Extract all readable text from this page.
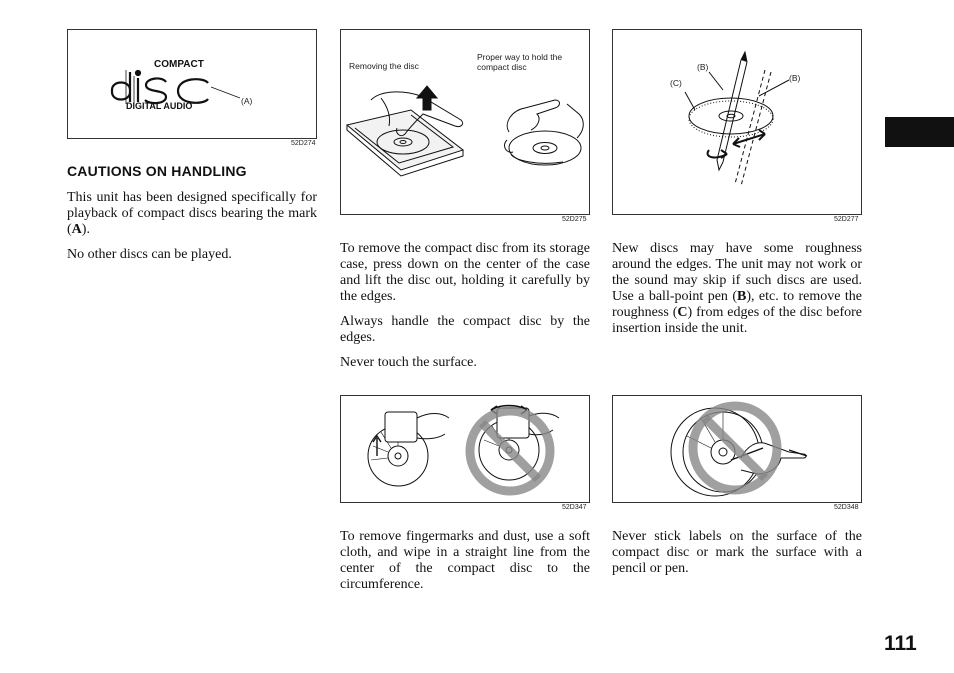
COMPACT
DIGITAL AUDIO	(A)
52D274
Removing the disc
Proper way to hold the compact disc
52D275
(B)
(B)
(C)
52D277
52D347	52D348
CAUTIONS ON HANDLING

This unit has been designed specifically for playback of compact discs bearing the mark (A).

No other discs can be played.	To remove the compact disc from its storage case, press down on the center of the case and lift the disc out, holding it carefully by the edges.

Always handle the compact disc by the edges.

Never touch the surface.

To remove fingermarks and dust, use a soft cloth, and wipe in a straight line from the center of the compact disc to the circumference.

New discs may have some roughness around the edges. The unit may not work or the sound may skip if such discs are used. Use a ball-point pen (B), etc. to remove the roughness (C) from edges of the disc before insertion inside the unit.

Never stick labels on the surface of the compact disc or mark the surface with a pencil or pen.

111
